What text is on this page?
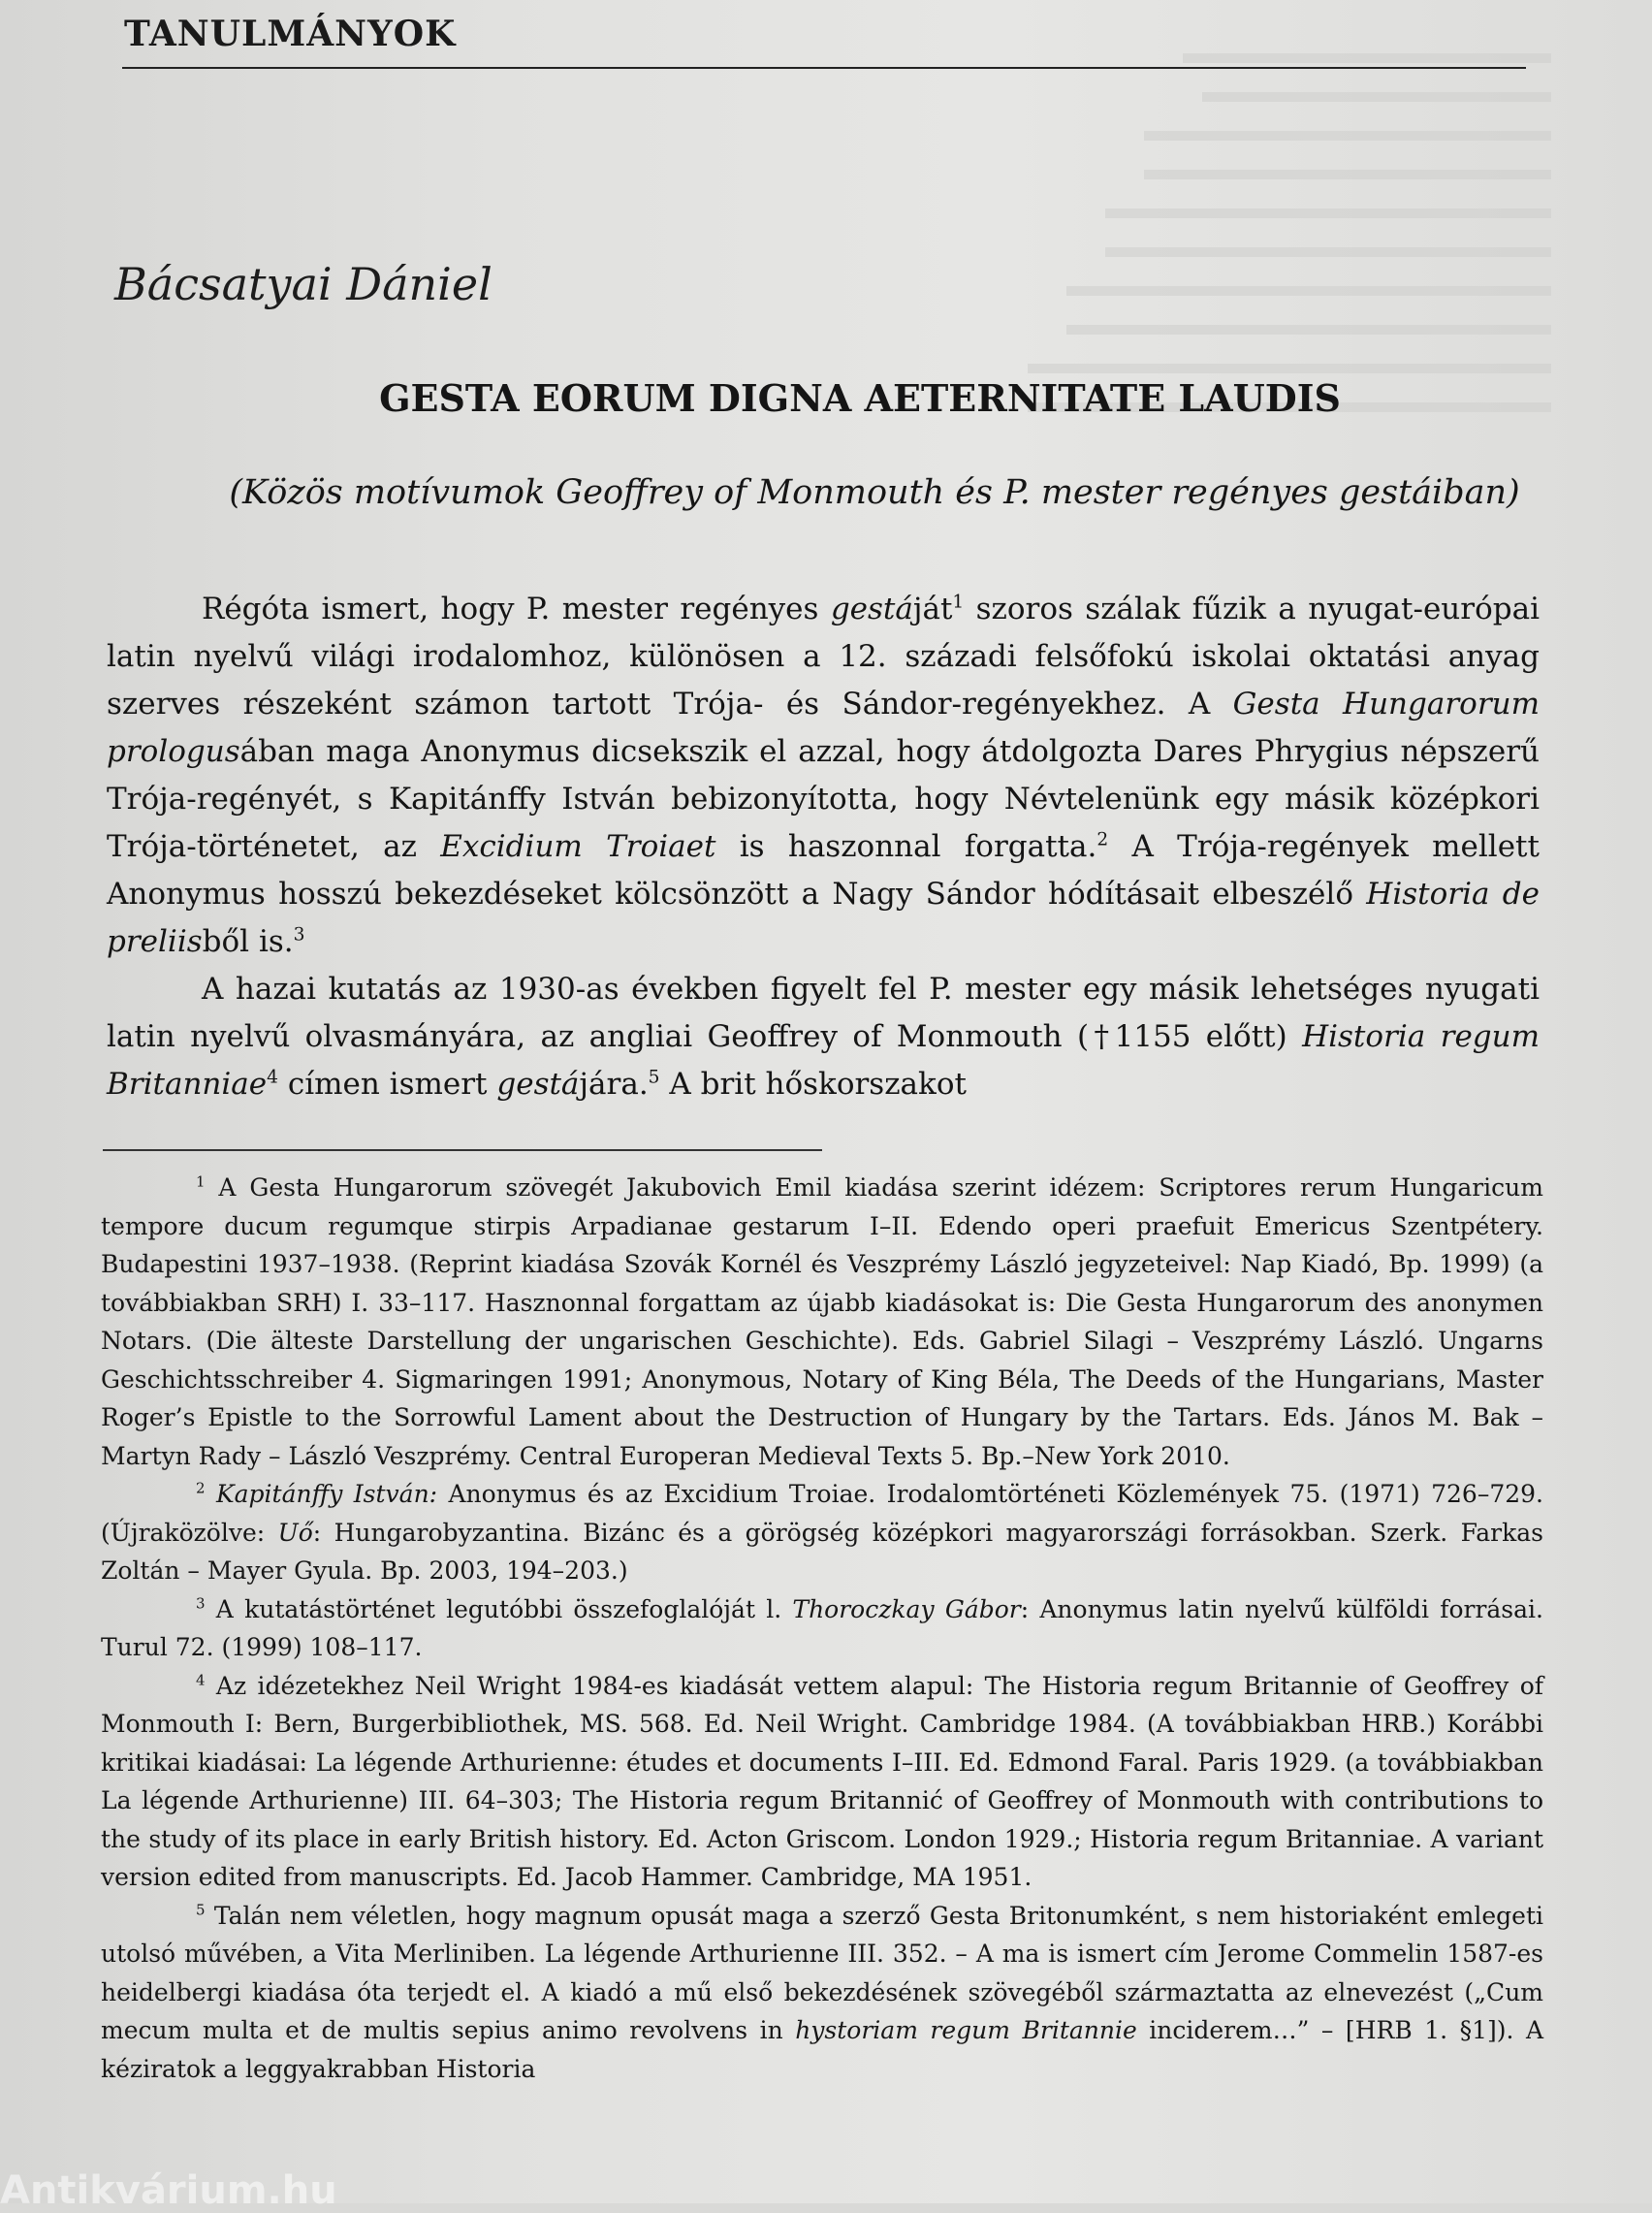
TANULMÁNYOK
Bácsatyai Dániel
GESTA EORUM DIGNA AETERNITATE LAUDIS
(Közös motívumok Geoffrey of Monmouth és P. mester regényes gestáiban)

Régóta ismert, hogy P. mester regényes gestáját$^1$ szoros szálak fűzik a nyugat-európai latin nyelvű világi irodalomhoz, különösen a 12. századi felsőfokú iskolai oktatási anyag szerves részeként számon tartott Trója- és Sándor-regényekhez. A Gesta Hungarorum prologusában maga Anonymus dicsekszik el azzal, hogy átdolgozta Dares Phrygius népszerű Trója-regényét, s Kapitánffy István bebizonyította, hogy Névtelenünk egy másik középkori Trója-történetet, az Excidium Troiaet is haszonnal forgatta.$^2$ A Trója-regények mellett Anonymus hosszú bekezdéseket kölcsönzött a Nagy Sándor hódításait elbeszélő Historia de preliisből is.$^3$

A hazai kutatás az 1930-as években figyelt fel P. mester egy másik lehetséges nyugati latin nyelvű olvasmányára, az angliai Geoffrey of Monmouth (†1155 előtt) Historia regum Britanniae$^4$ címen ismert gestájára.$^5$ A brit hőskorszakot

$^1$ A Gesta Hungarorum szövegét Jakubovich Emil kiadása szerint idézem: Scriptores rerum Hungaricum tempore ducum regumque stirpis Arpadianae gestarum I–II. Edendo operi praefuit Emericus Szentpétery. Budapestini 1937–1938. (Reprint kiadása Szovák Kornél és Veszprémy László jegyzeteivel: Nap Kiadó, Bp. 1999) (a továbbiakban SRH) I. 33–117. Hasznonnal forgattam az újabb kiadásokat is: Die Gesta Hungarorum des anonymen Notars. (Die älteste Darstellung der ungarischen Geschichte). Eds. Gabriel Silagi – Veszprémy László. Ungarns Geschichtsschreiber 4. Sigmaringen 1991; Anonymous, Notary of King Béla, The Deeds of the Hungarians, Master Roger’s Epistle to the Sorrowful Lament about the Destruction of Hungary by the Tartars. Eds. János M. Bak – Martyn Rady – László Veszprémy. Central Europeran Medieval Texts 5. Bp.–New York 2010.

$^2$ Kapitánffy István: Anonymus és az Excidium Troiae. Irodalomtörténeti Közlemények 75. (1971) 726–729. (Újraközölve: Uő: Hungarobyzantina. Bizánc és a görögség középkori magyarországi forrásokban. Szerk. Farkas Zoltán – Mayer Gyula. Bp. 2003, 194–203.)

$^3$ A kutatástörténet legutóbbi összefoglalóját l. Thoroczkay Gábor: Anonymus latin nyelvű külföldi forrásai. Turul 72. (1999) 108–117.

$^4$ Az idézetekhez Neil Wright 1984-es kiadását vettem alapul: The Historia regum Britannie of Geoffrey of Monmouth I: Bern, Burgerbibliothek, MS. 568. Ed. Neil Wright. Cambridge 1984. (A továbbiakban HRB.) Korábbi kritikai kiadásai: La légende Arthurienne: études et documents I–III. Ed. Edmond Faral. Paris 1929. (a továbbiakban La légende Arthurienne) III. 64–303; The Historia regum Britannić of Geoffrey of Monmouth with contributions to the study of its place in early British history. Ed. Acton Griscom. London 1929.; Historia regum Britanniae. A variant version edited from manuscripts. Ed. Jacob Hammer. Cambridge, MA 1951.

$^5$ Talán nem véletlen, hogy magnum opusát maga a szerző Gesta Britonumként, s nem historiaként emlegeti utolsó művében, a Vita Merliniben. La légende Arthurienne III. 352. – A ma is ismert cím Jerome Commelin 1587-es heidelbergi kiadása óta terjedt el. A kiadó a mű első bekezdésének szövegéből származtatta az elnevezést („Cum mecum multa et de multis sepius animo revolvens in hystoriam regum Britannie inciderem…” – [HRB 1. §1]). A kéziratok a leggyakrabban Historia

Antikvárium.hu
